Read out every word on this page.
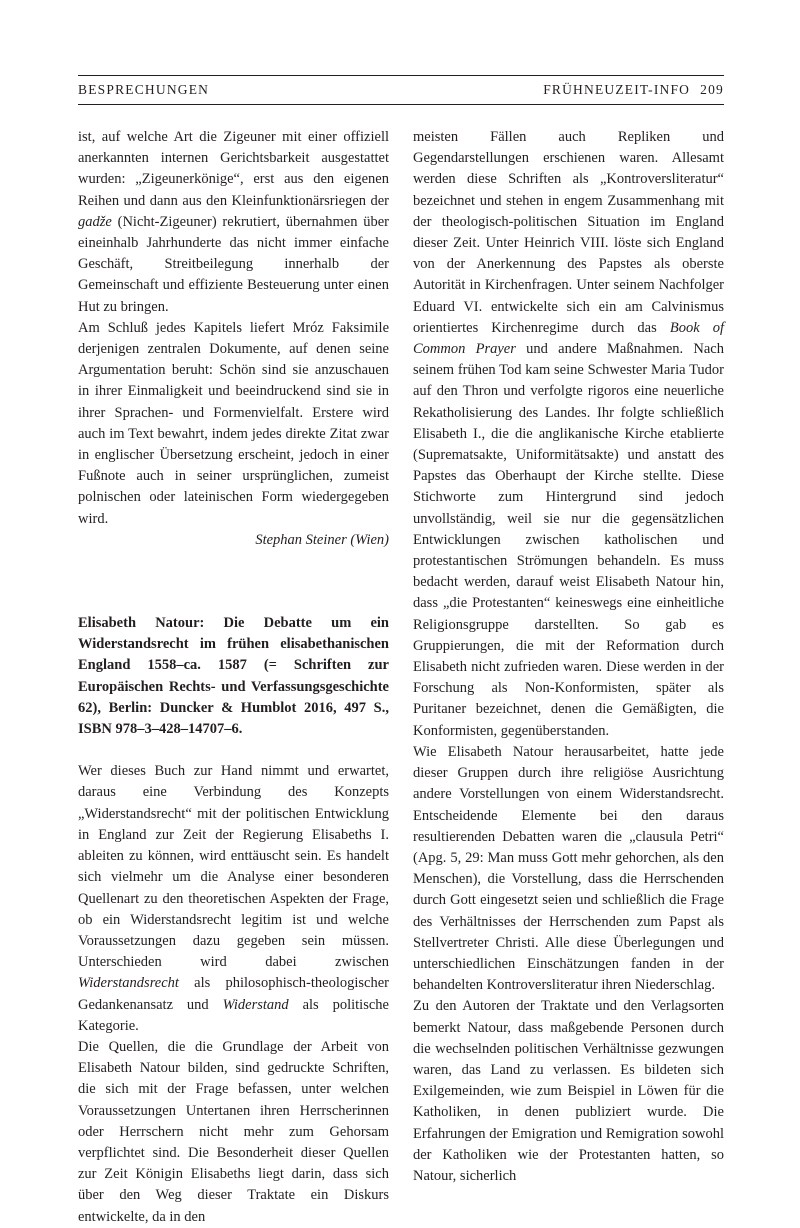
BESPRECHUNGEN	FRÜHNEUZEIT-INFO 209

ist, auf welche Art die Zigeuner mit einer offiziell anerkannten internen Gerichtsbarkeit ausgestattet wurden: „Zigeunerkönige“, erst aus den eigenen Reihen und dann aus den Kleinfunktionärsriegen der gadže (Nicht-Zigeuner) rekrutiert, übernahmen über eineinhalb Jahrhunderte das nicht immer einfache Geschäft, Streitbeilegung innerhalb der Gemeinschaft und effiziente Besteuerung unter einen Hut zu bringen.

Am Schluß jedes Kapitels liefert Mróz Faksimile derjenigen zentralen Dokumente, auf denen seine Argumentation beruht: Schön sind sie anzuschauen in ihrer Einmaligkeit und beeindruckend sind sie in ihrer Sprachen- und Formenvielfalt. Erstere wird auch im Text bewahrt, indem jedes direkte Zitat zwar in englischer Übersetzung erscheint, jedoch in einer Fußnote auch in seiner ursprünglichen, zumeist polnischen oder lateinischen Form wiedergegeben wird.

Stephan Steiner (Wien)

Elisabeth Natour: Die Debatte um ein Widerstandsrecht im frühen elisabethanischen England 1558–ca. 1587 (= Schriften zur Europäischen Rechts- und Verfassungsgeschichte 62), Berlin: Duncker & Humblot 2016, 497 S., ISBN 978–3–428–14707–6.

Wer dieses Buch zur Hand nimmt und erwartet, daraus eine Verbindung des Konzepts „Widerstandsrecht“ mit der politischen Entwicklung in England zur Zeit der Regierung Elisabeths I. ableiten zu können, wird enttäuscht sein. Es handelt sich vielmehr um die Analyse einer besonderen Quellenart zu den theoretischen Aspekten der Frage, ob ein Widerstandsrecht legitim ist und welche Voraussetzungen dazu gegeben sein müssen. Unterschieden wird dabei zwischen Widerstandsrecht als philosophisch-theologischer Gedankenansatz und Widerstand als politische Kategorie.

Die Quellen, die die Grundlage der Arbeit von Elisabeth Natour bilden, sind gedruckte Schriften, die sich mit der Frage befassen, unter welchen Voraussetzungen Untertanen ihren Herrscherinnen oder Herrschern nicht mehr zum Gehorsam verpflichtet sind. Die Besonderheit dieser Quellen zur Zeit Königin Elisabeths liegt darin, dass sich über den Weg dieser Traktate ein Diskurs entwickelte, da in den

meisten Fällen auch Repliken und Gegendarstellungen erschienen waren. Allesamt werden diese Schriften als „Kontroversliteratur“ bezeichnet und stehen in engem Zusammenhang mit der theologisch-politischen Situation im England dieser Zeit. Unter Heinrich VIII. löste sich England von der Anerkennung des Papstes als oberste Autorität in Kirchenfragen. Unter seinem Nachfolger Eduard VI. entwickelte sich ein am Calvinismus orientiertes Kirchenregime durch das Book of Common Prayer und andere Maßnahmen. Nach seinem frühen Tod kam seine Schwester Maria Tudor auf den Thron und verfolgte rigoros eine neuerliche Rekatholisierung des Landes. Ihr folgte schließlich Elisabeth I., die die anglikanische Kirche etablierte (Suprematsakte, Uniformitätsakte) und anstatt des Papstes das Oberhaupt der Kirche stellte. Diese Stichworte zum Hintergrund sind jedoch unvollständig, weil sie nur die gegensätzlichen Entwicklungen zwischen katholischen und protestantischen Strömungen behandeln. Es muss bedacht werden, darauf weist Elisabeth Natour hin, dass „die Protestanten“ keineswegs eine einheitliche Religionsgruppe darstellten. So gab es Gruppierungen, die mit der Reformation durch Elisabeth nicht zufrieden waren. Diese werden in der Forschung als Non-Konformisten, später als Puritaner bezeichnet, denen die Gemäßigten, die Konformisten, gegenüberstanden.

Wie Elisabeth Natour herausarbeitet, hatte jede dieser Gruppen durch ihre religiöse Ausrichtung andere Vorstellungen von einem Widerstandsrecht. Entscheidende Elemente bei den daraus resultierenden Debatten waren die „clausula Petri“ (Apg. 5, 29: Man muss Gott mehr gehorchen, als den Menschen), die Vorstellung, dass die Herrschenden durch Gott eingesetzt seien und schließlich die Frage des Verhältnisses der Herrschenden zum Papst als Stellvertreter Christi. Alle diese Überlegungen und unterschiedlichen Einschätzungen fanden in der behandelten Kontroversliteratur ihren Niederschlag.

Zu den Autoren der Traktate und den Verlagsorten bemerkt Natour, dass maßgebende Personen durch die wechselnden politischen Verhältnisse gezwungen waren, das Land zu verlassen. Es bildeten sich Exilgemeinden, wie zum Beispiel in Löwen für die Katholiken, in denen publiziert wurde. Die Erfahrungen der Emigration und Remigration sowohl der Katholiken wie der Protestanten hatten, so Natour, sicherlich
